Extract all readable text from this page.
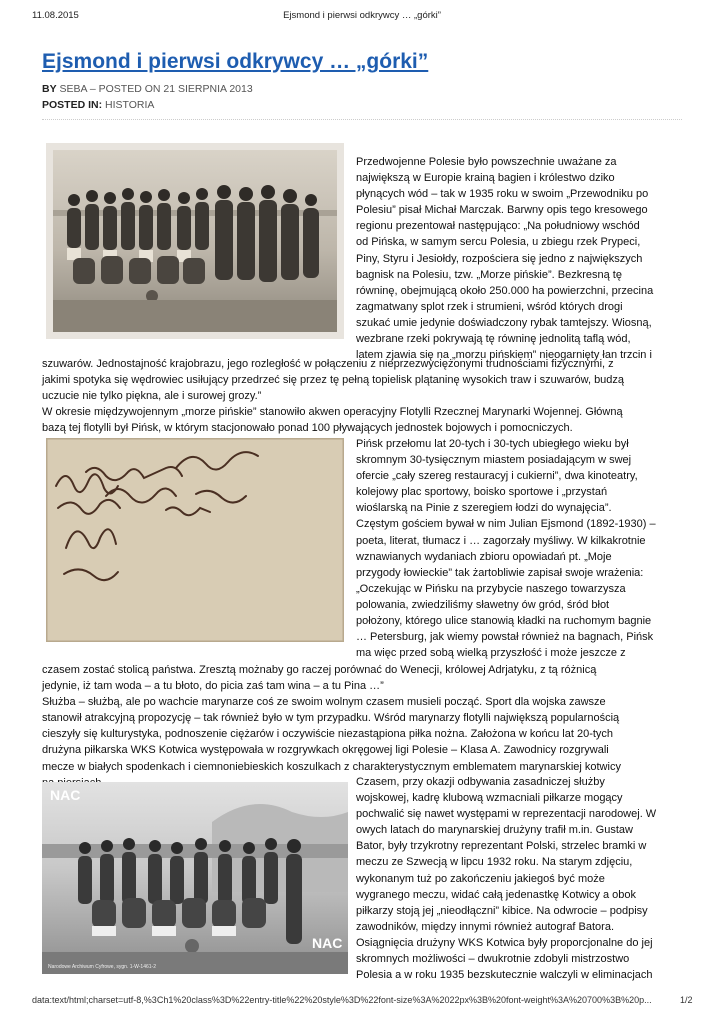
11.08.2015	Ejsmond i pierwsi odkrywcy … „górki”
Ejsmond i pierwsi odkrywcy … „górki”
BY SEBA – POSTED ON 21 SIERPNIA 2013
POSTED IN: HISTORIA
Przedwojenne Polesie było powszechnie uważane za
największą w Europie krainą bagien i królestwo dziko
płynących wód – tak w 1935 roku w swoim „Przewodniku po
Polesiu” pisał Michał Marczak. Barwny opis tego kresowego
regionu prezentował następująco: „Na południowy wschód
od Pińska, w samym sercu Polesia, u zbiegu rzek Prypeci,
Piny, Styru i Jesiołdy, rozpościera się jedno z największych
bagnisk na Polesiu, tzw. „Morze pińskie”. Bezkresną tę
równinę, obejmującą około 250.000 ha powierzchni, przecina
zagmatwany splot rzek i strumieni, wśród których drogi
szukać umie jedynie doświadczony rybak tamtejszy. Wiosną,
wezbrane rzeki pokrywają tę równinę jednolitą taflą wód,
latem zjawia się na „morzu pińskiem” nieogarnięty łan trzcin i
szuwarów. Jednostajność krajobrazu, jego rozległość w połączeniu z nieprzezwyciężonymi trudnościami fizycznymi, z
jakimi spotyka się wędrowiec usiłujący przedrzeć się przez tę pełną topielisk plątaninę wysokich traw i szuwarów, budzą
uczucie nie tylko piękna, ale i surowej grozy.”
W okresie międzywojennym „morze pińskie” stanowiło akwen operacyjny Flotylli Rzecznej Marynarki Wojennej. Główną
bazą tej flotylli był Pińsk, w którym stacjonowało ponad 100 pływających jednostek bojowych i pomocniczych.
Pińsk przełomu lat 20-tych i 30-tych ubiegłego wieku był
skromnym 30-tysięcznym miastem posiadającym w swej
ofercie „cały szereg restauracyj i cukierni”, dwa kinoteatry,
kolejowy plac sportowy, boisko sportowe i „przystań
wioślarską na Pinie z szeregiem łodzi do wynajęcia”.
Częstym gościem bywał w nim Julian Ejsmond (1892-1930) –
poeta, literat, tłumacz i … zagorzały myśliwy. W kilkakrotnie
wznawianych wydaniach zbioru opowiadań pt. „Moje
przygody łowieckie” tak żartobliwie zapisał swoje wrażenia:
„Oczekując w Pińsku na przybycie naszego towarzysza
polowania, zwiedziliśmy sławetny ów gród, śród błot
położony, którego ulice stanowią kładki na ruchomym bagnie
… Petersburg, jak wiemy powstał również na bagnach, Pińsk
ma więc przed sobą wielką przyszłość i może jeszcze z
czasem zostać stolicą państwa. Zresztą możnaby go raczej porównać do Wenecji, królowej Adrjatyku, z tą różnicą
jedynie, iż tam woda – a tu błoto, do picia zaś tam wina – a tu Pina …”
Służba – służbą, ale po wachcie marynarze coś ze swoim wolnym czasem musieli począć. Sport dla wojska zawsze
stanowił atrakcyjną propozycję – tak również było w tym przypadku. Wśród marynarzy flotylli największą popularnością
cieszyły się kulturystyka, podnoszenie ciężarów i oczywiście niezastąpiona piłka nożna. Założona w końcu lat 20-tych
drużyna piłkarska WKS Kotwica występowała w rozgrywkach okręgowej ligi Polesie – Klasa A. Zawodnicy rozgrywali
mecze w białych spodenkach i ciemnoniebieskich koszulkach z charakterystycznym emblematem marynarskiej kotwicy

NAC
NAC
Narodowe Archiwum Cyfrowe, sygn. 1-W-1461-2
Czasem, przy okazji odbywania zasadniczej służby
wojskowej, kadrę klubową wzmacniali piłkarze mogący
pochwalić się nawet występami w reprezentacji narodowej. W
owych latach do marynarskiej drużyny trafił m.in. Gustaw
Bator, były trzykrotny reprezentant Polski, strzelec bramki w
meczu ze Szwecją w lipcu 1932 roku. Na starym zdjęciu,
wykonanym tuż po zakończeniu jakiegoś być może
wygranego meczu, widać całą jedenastkę Kotwicy a obok
piłkarzy stoją jej „nieodłączni” kibice. Na odwrocie – podpisy
zawodników, między innymi również autograf Batora.
Osiągnięcia drużyny WKS Kotwica były proporcjonalne do jej
skromnych możliwości – dwukrotnie zdobyli mistrzostwo
Polesia a w roku 1935 bezskutecznie walczyli w eliminacjach
data:text/html;charset=utf-8,%3Ch1%20class%3D%22entry-title%22%20style%3D%22font-size%3A%2022px%3B%20font-weight%3A%20700%3B%20p...	1/2
